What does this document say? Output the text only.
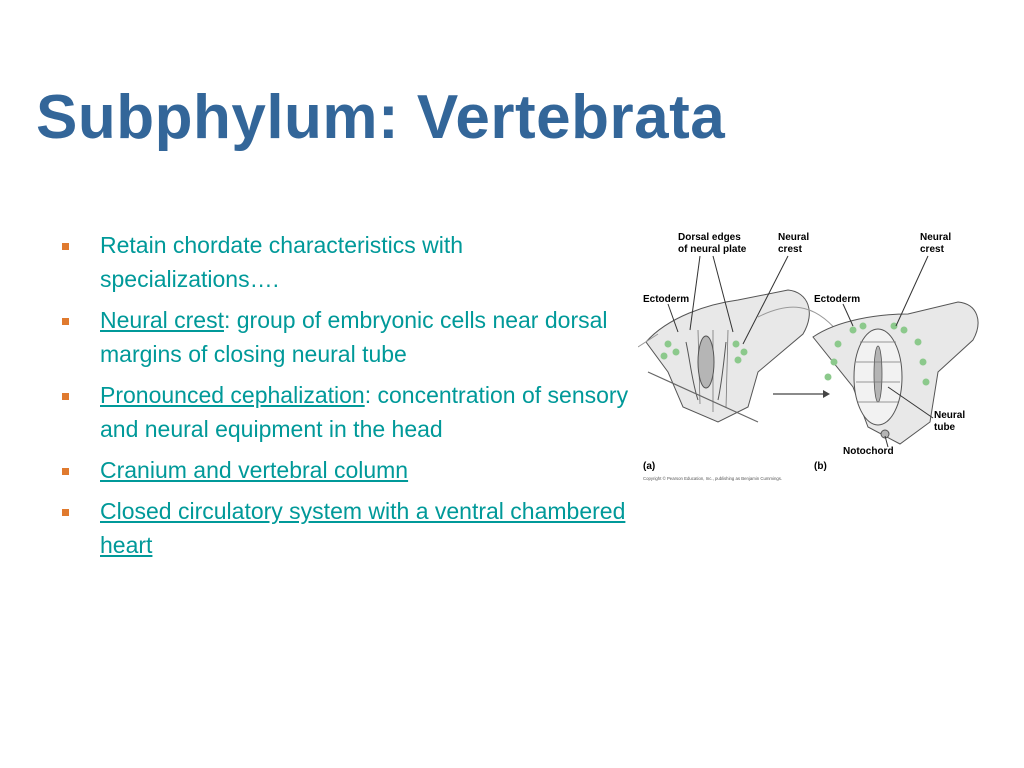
Subphylum: Vertebrata
Retain chordate characteristics with specializations….
Neural crest: group of embryonic cells near dorsal margins of closing neural tube
Pronounced cephalization: concentration of sensory and neural equipment in the head
Cranium and vertebral column
Closed circulatory system with a ventral chambered heart
Dorsal edges
of neural plate
Neural
crest
Neural
crest
Ectoderm	Ectoderm
Neural
tube
Notochord
(a)	(b)
Copyright © Pearson Education, Inc., publishing as Benjamin Cummings.
